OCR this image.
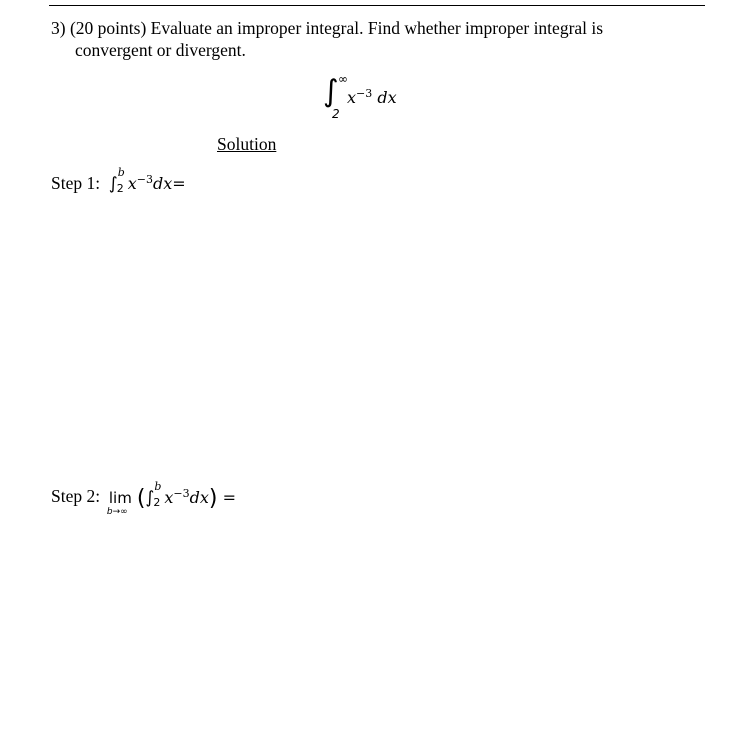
3) (20 points) Evaluate an improper integral. Find whether improper integral is
convergent or divergent.
∫ ∞
2
$x^{-3}$ dx
Solution
Step 1: ∫
b
2 $x^{-3}dx=$
Step 2: lim
b→∞
(∫
b
2 $x^{-3}dx$) =
